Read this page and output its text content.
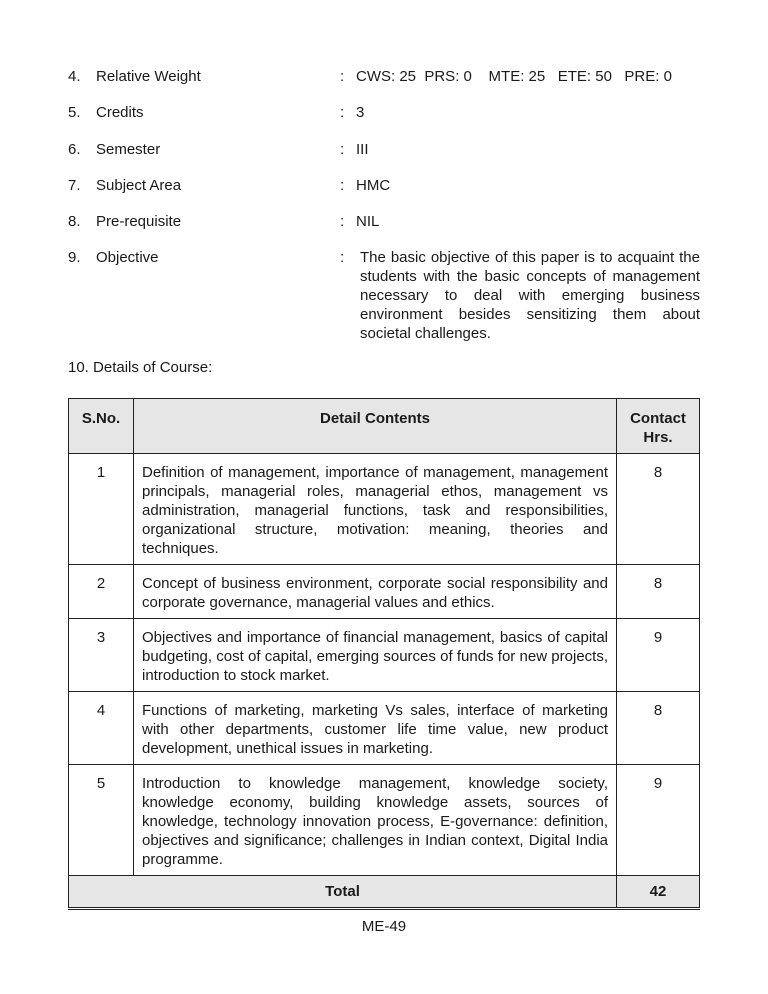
4. Relative Weight	: CWS: 25  PRS: 0    MTE: 25   ETE: 50   PRE: 0
5. Credits	: 3
6. Semester	: III
7. Subject Area	: HMC
8. Pre-requisite	: NIL
9. Objective	: The basic objective of this paper is to acquaint the students with the basic concepts of management necessary to deal with emerging business environment besides sensitizing them about societal challenges.
10. Details of Course:
S.No.	Detail Contents	Contact
Hrs.

1	Definition of management, importance of management, management principals, managerial roles, managerial ethos, management vs administration, managerial functions, task and responsibilities, organizational structure, motivation: meaning, theories and techniques.	8
2	Concept of business environment, corporate social responsibility and corporate governance, managerial values and ethics.	8
3	Objectives and importance of financial management, basics of capital budgeting, cost of capital, emerging sources of funds for new projects, introduction to stock market.	9
4	Functions of marketing, marketing Vs sales, interface of marketing with other departments, customer life time value, new product development, unethical issues in marketing.	8
5	Introduction to knowledge management, knowledge society, knowledge economy, building knowledge assets, sources of knowledge, technology innovation process, E-governance: definition, objectives and significance; challenges in Indian context, Digital India programme.	9
Total		42
ME-49
